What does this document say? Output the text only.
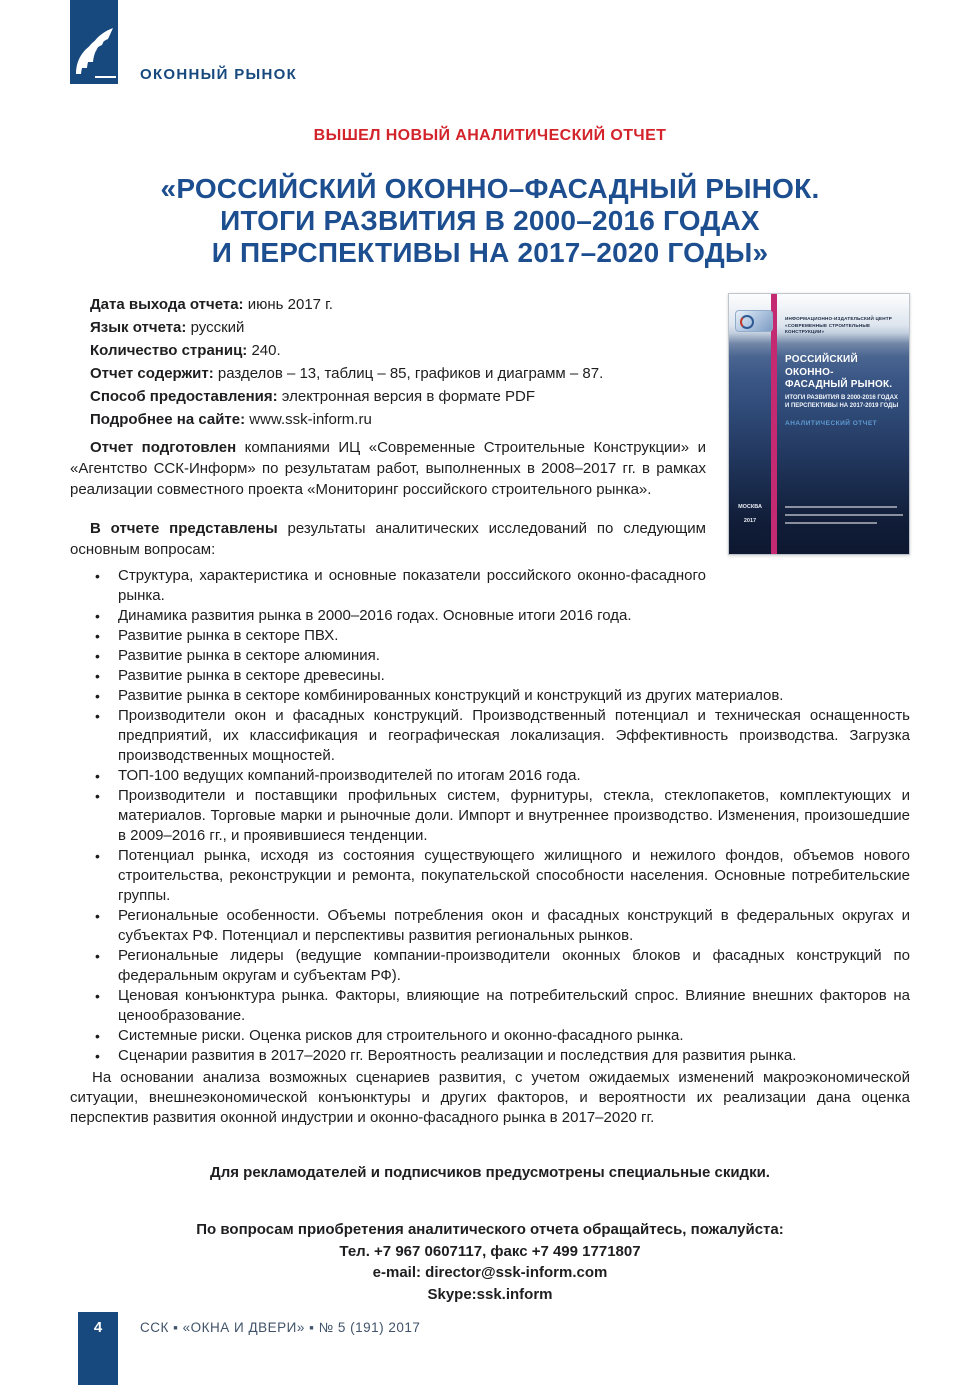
ОКОННЫЙ РЫНОК
ВЫШЕЛ НОВЫЙ АНАЛИТИЧЕСКИЙ ОТЧЕТ
«РОССИЙСКИЙ ОКОННО–ФАСАДНЫЙ РЫНОК.
ИТОГИ РАЗВИТИЯ В 2000–2016 ГОДАХ
И ПЕРСПЕКТИВЫ НА 2017–2020 ГОДЫ»
ИНФОРМАЦИОННО-ИЗДАТЕЛЬСКИЙ ЦЕНТР
«СОВРЕМЕННЫЕ СТРОИТЕЛЬНЫЕ КОНСТРУКЦИИ»
РОССИЙСКИЙ ОКОННО-
ФАСАДНЫЙ РЫНОК.
ИТОГИ РАЗВИТИЯ В 2000-2016 ГОДАХ
И ПЕРСПЕКТИВЫ НА 2017-2019 ГОДЫ
АНАЛИТИЧЕСКИЙ ОТЧЕТ
МОСКВА
2017
Дата выхода отчета: июнь 2017 г.
Язык отчета: русский
Количество страниц: 240.
Отчет содержит: разделов – 13, таблиц – 85, графиков и диаграмм – 87.
Способ предоставления: электронная версия в формате PDF
Подробнее на сайте: www.ssk-inform.ru

Отчет подготовлен компаниями ИЦ «Современные Строительные Конструкции» и «Агентство ССК-Информ» по результатам работ, выполненных в 2008–2017 гг. в рамках реализации совместного проекта «Мониторинг российского строительного рынка».

В отчете представлены результаты аналитических исследований по следующим основным вопросам:

• Структура, характеристика и основные показатели российского оконно-фасадного рынка.
• Динамика развития рынка в 2000–2016 годах. Основные итоги 2016 года.
• Развитие рынка в секторе ПВХ.
• Развитие рынка в секторе алюминия.
• Развитие рынка в секторе древесины.
• Развитие рынка в секторе комбинированных конструкций и конструкций из других материалов.
• Производители окон и фасадных конструкций. Производственный потенциал и техническая оснащенность предприятий, их классификация и географическая локализация. Эффективность производства. Загрузка производственных мощностей.
• ТОП-100 ведущих компаний-производителей по итогам 2016 года.
• Производители и поставщики профильных систем, фурнитуры, стекла, стеклопакетов, комплектующих и материалов. Торговые марки и рыночные доли. Импорт и внутреннее производство. Изменения, произошедшие в 2009–2016 гг., и проявившиеся тенденции.
• Потенциал рынка, исходя из состояния существующего жилищного и нежилого фондов, объемов нового строительства, реконструкции и ремонта, покупательской способности населения. Основные потребительские группы.
• Региональные особенности. Объемы потребления окон и фасадных конструкций в федеральных округах и субъектах РФ. Потенциал и перспективы развития региональных рынков.
• Региональные лидеры (ведущие компании-производители оконных блоков и фасадных конструкций по федеральным округам и субъектам РФ).
• Ценовая конъюнктура рынка. Факторы, влияющие на потребительский спрос. Влияние внешних факторов на ценообразование.
• Системные риски. Оценка рисков для строительного и оконно-фасадного рынка.
• Сценарии развития в 2017–2020 гг. Вероятность реализации и последствия для развития рынка.

На основании анализа возможных сценариев развития, с учетом ожидаемых изменений макроэкономической ситуации, внешнеэкономической конъюнктуры и других факторов, и вероятности их реализации дана оценка перспектив развития оконной индустрии и оконно-фасадного рынка в 2017–2020 гг.

Для рекламодателей и подписчиков предусмотрены специальные скидки.
По вопросам приобретения аналитического отчета обращайтесь, пожалуйста:
Тел. +7 967 0607117, факс +7 499 1771807
e-mail: director@ssk-inform.com
Skype:ssk.inform
4	ССК ▪ «ОКНА И ДВЕРИ» ▪ № 5 (191) 2017
